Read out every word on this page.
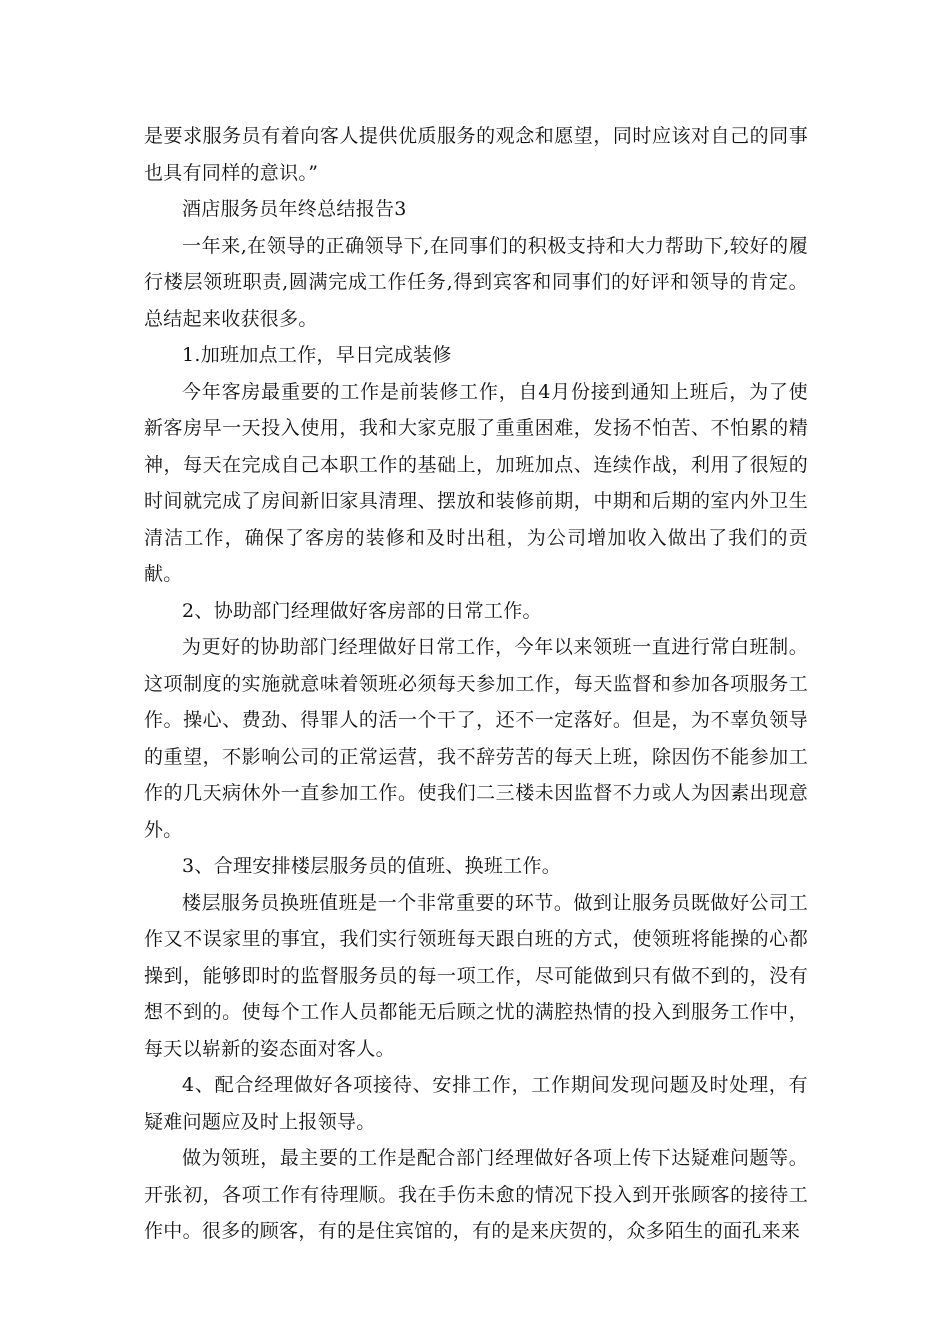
是要求服务员有着向客人提供优质服务的观念和愿望，同时应该对自己的同事也具有同样的意识。”

酒店服务员年终总结报告3

一年来,在领导的正确领导下,在同事们的积极支持和大力帮助下,较好的履行楼层领班职责,圆满完成工作任务,得到宾客和同事们的好评和领导的肯定。总结起来收获很多。

1.加班加点工作，早日完成装修

今年客房最重要的工作是前装修工作，自4月份接到通知上班后，为了使新客房早一天投入使用，我和大家克服了重重困难，发扬不怕苦、不怕累的精神，每天在完成自己本职工作的基础上，加班加点、连续作战，利用了很短的时间就完成了房间新旧家具清理、摆放和装修前期，中期和后期的室内外卫生清洁工作，确保了客房的装修和及时出租，为公司增加收入做出了我们的贡献。

2、协助部门经理做好客房部的日常工作。

为更好的协助部门经理做好日常工作，今年以来领班一直进行常白班制。这项制度的实施就意味着领班必须每天参加工作，每天监督和参加各项服务工作。操心、费劲、得罪人的活一个干了，还不一定落好。但是，为不辜负领导的重望，不影响公司的正常运营，我不辞劳苦的每天上班，除因伤不能参加工作的几天病休外一直参加工作。使我们二三楼未因监督不力或人为因素出现意外。

3、合理安排楼层服务员的值班、换班工作。

楼层服务员换班值班是一个非常重要的环节。做到让服务员既做好公司工作又不误家里的事宜，我们实行领班每天跟白班的方式，使领班将能操的心都操到，能够即时的监督服务员的每一项工作，尽可能做到只有做不到的，没有想不到的。使每个工作人员都能无后顾之忧的满腔热情的投入到服务工作中，每天以崭新的姿态面对客人。

4、配合经理做好各项接待、安排工作，工作期间发现问题及时处理，有疑难问题应及时上报领导。

做为领班，最主要的工作是配合部门经理做好各项上传下达疑难问题等。开张初，各项工作有待理顺。我在手伤未愈的情况下投入到开张顾客的接待工作中。很多的顾客，有的是住宾馆的，有的是来庆贺的，众多陌生的面孔来来
